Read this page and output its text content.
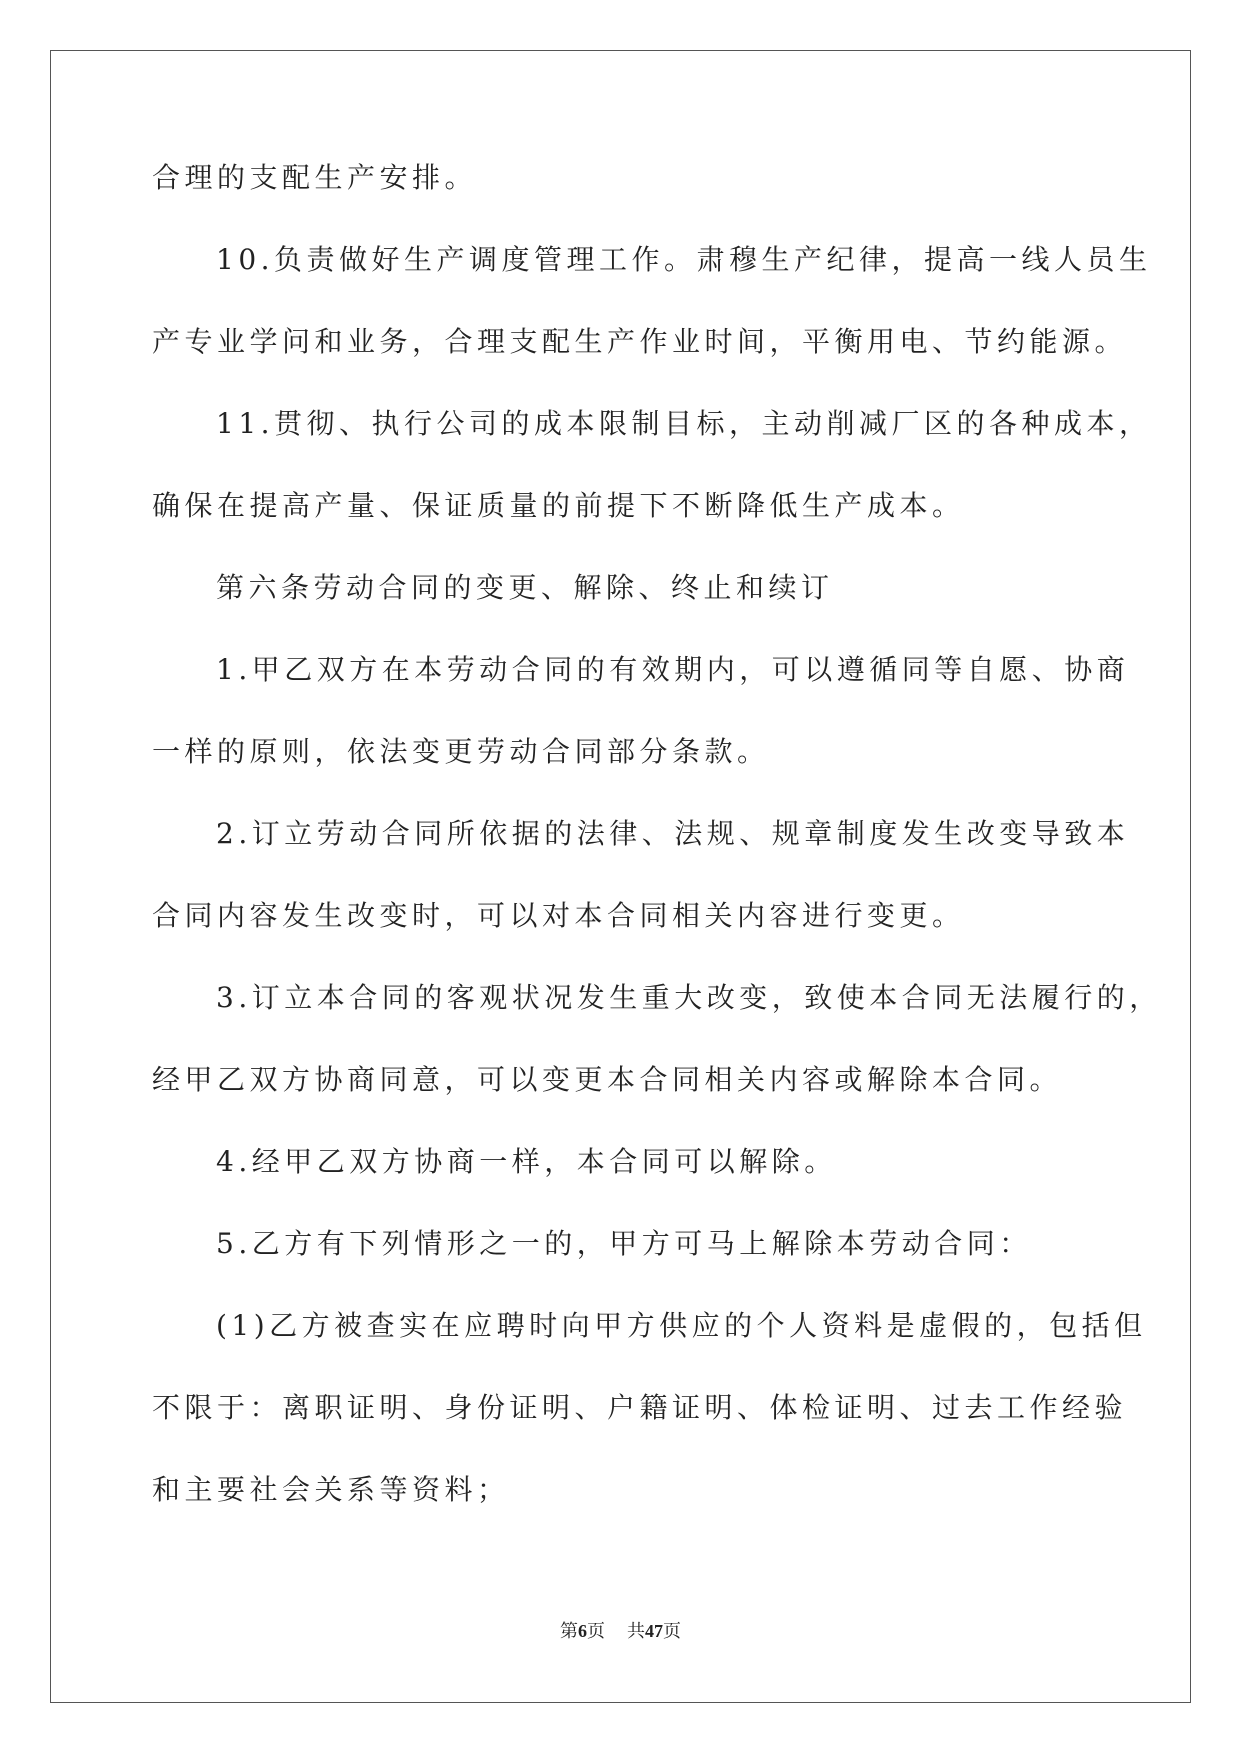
合理的支配生产安排。

10.负责做好生产调度管理工作。肃穆生产纪律，提高一线人员生

产专业学问和业务，合理支配生产作业时间，平衡用电、节约能源。

11.贯彻、执行公司的成本限制目标，主动削减厂区的各种成本，

确保在提高产量、保证质量的前提下不断降低生产成本。

第六条劳动合同的变更、解除、终止和续订

1.甲乙双方在本劳动合同的有效期内，可以遵循同等自愿、协商

一样的原则，依法变更劳动合同部分条款。

2.订立劳动合同所依据的法律、法规、规章制度发生改变导致本

合同内容发生改变时，可以对本合同相关内容进行变更。

3.订立本合同的客观状况发生重大改变，致使本合同无法履行的，

经甲乙双方协商同意，可以变更本合同相关内容或解除本合同。

4.经甲乙双方协商一样，本合同可以解除。

5.乙方有下列情形之一的，甲方可马上解除本劳动合同：

(1)乙方被查实在应聘时向甲方供应的个人资料是虚假的，包括但

不限于：离职证明、身份证明、户籍证明、体检证明、过去工作经验

和主要社会关系等资料；

第6页 共47页
